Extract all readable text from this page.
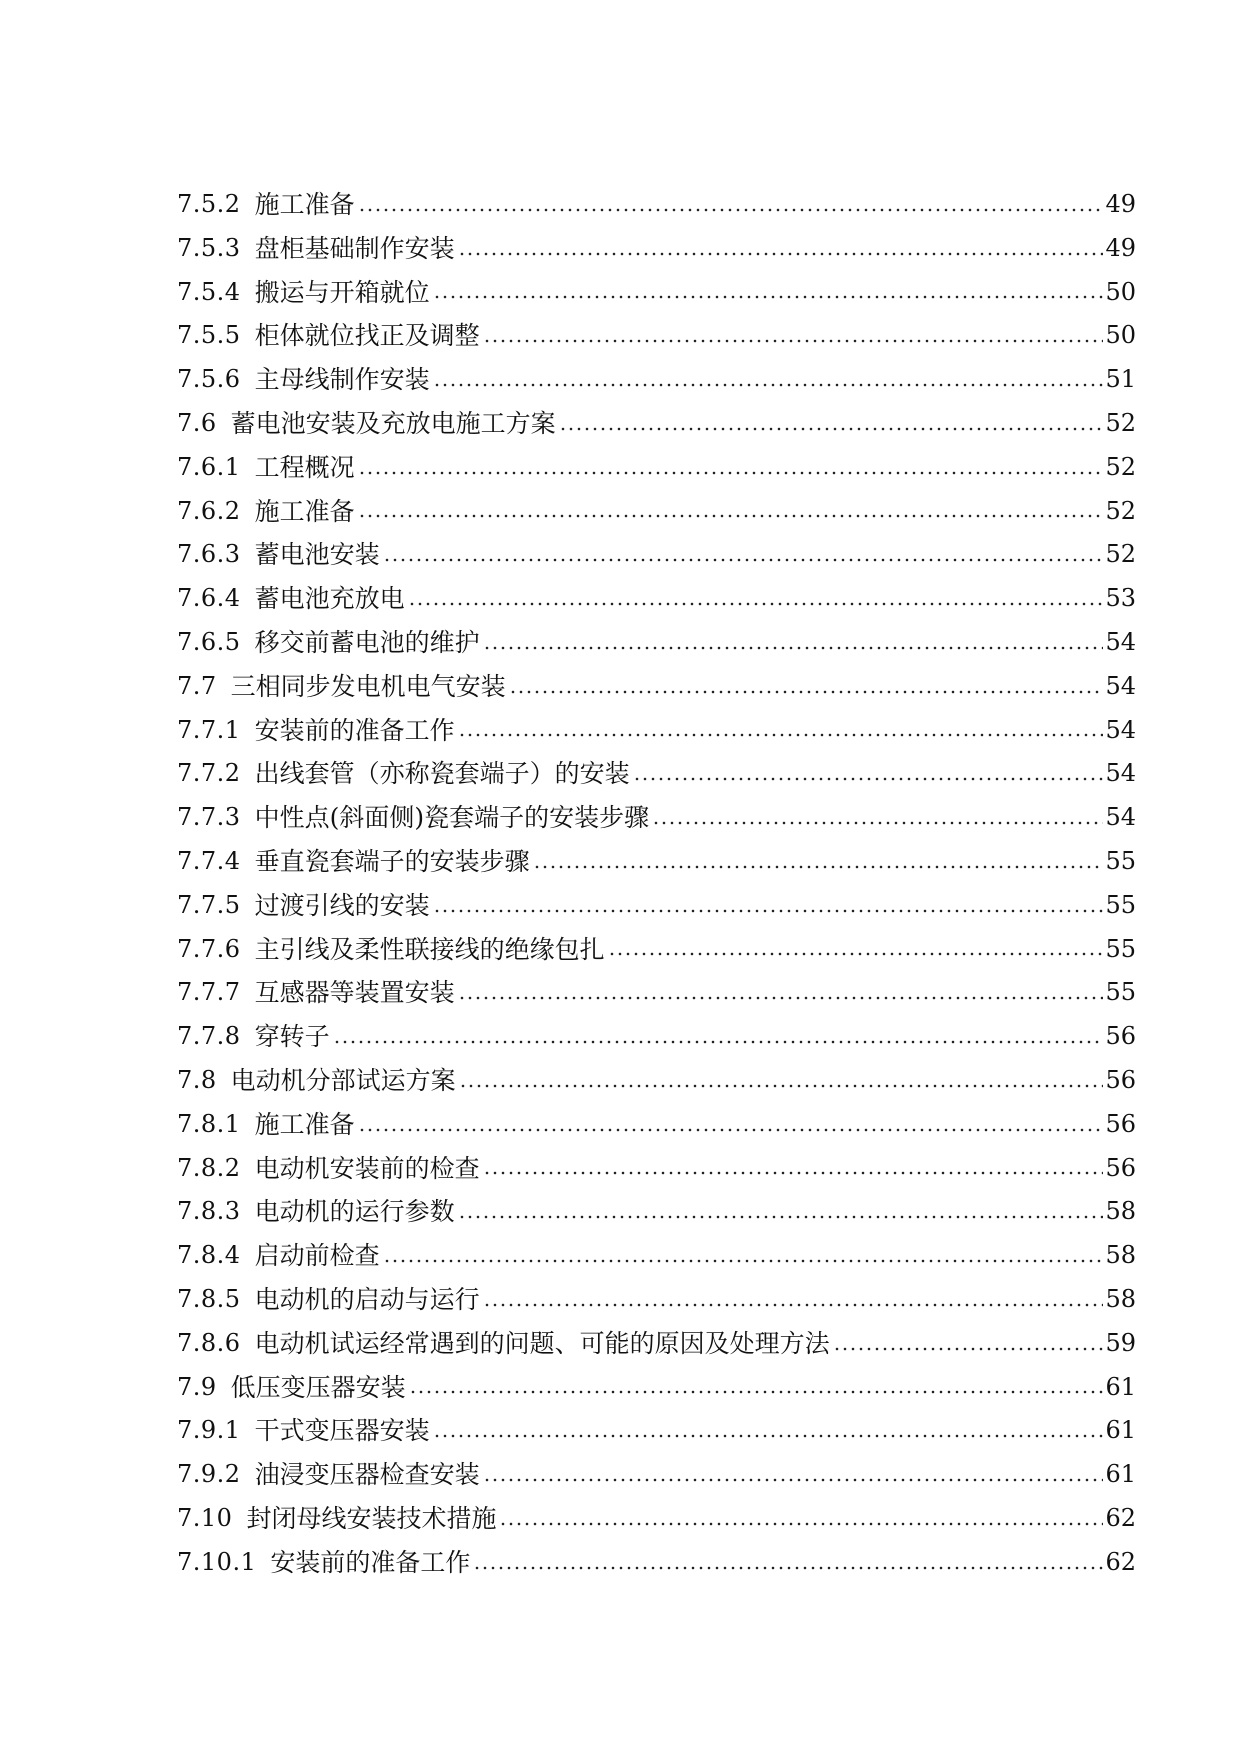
7.5.2 施工准备	49
7.5.3 盘柜基础制作安装	49
7.5.4 搬运与开箱就位	50
7.5.5 柜体就位找正及调整	50
7.5.6 主母线制作安装	51
7.6 蓄电池安装及充放电施工方案	52
7.6.1 工程概况	52
7.6.2 施工准备	52
7.6.3 蓄电池安装	52
7.6.4 蓄电池充放电	53
7.6.5 移交前蓄电池的维护	54
7.7 三相同步发电机电气安装	54
7.7.1 安装前的准备工作	54
7.7.2 出线套管（亦称瓷套端子）的安装	54
7.7.3 中性点(斜面侧)瓷套端子的安装步骤	54
7.7.4 垂直瓷套端子的安装步骤	55
7.7.5 过渡引线的安装	55
7.7.6 主引线及柔性联接线的绝缘包扎	55
7.7.7 互感器等装置安装	55
7.7.8 穿转子	56
7.8 电动机分部试运方案	56
7.8.1 施工准备	56
7.8.2 电动机安装前的检查	56
7.8.3 电动机的运行参数	58
7.8.4 启动前检查	58
7.8.5 电动机的启动与运行	58
7.8.6 电动机试运经常遇到的问题、可能的原因及处理方法	59
7.9 低压变压器安装	61
7.9.1 干式变压器安装	61
7.9.2 油浸变压器检查安装	61
7.10 封闭母线安装技术措施	62
7.10.1 安装前的准备工作	62
